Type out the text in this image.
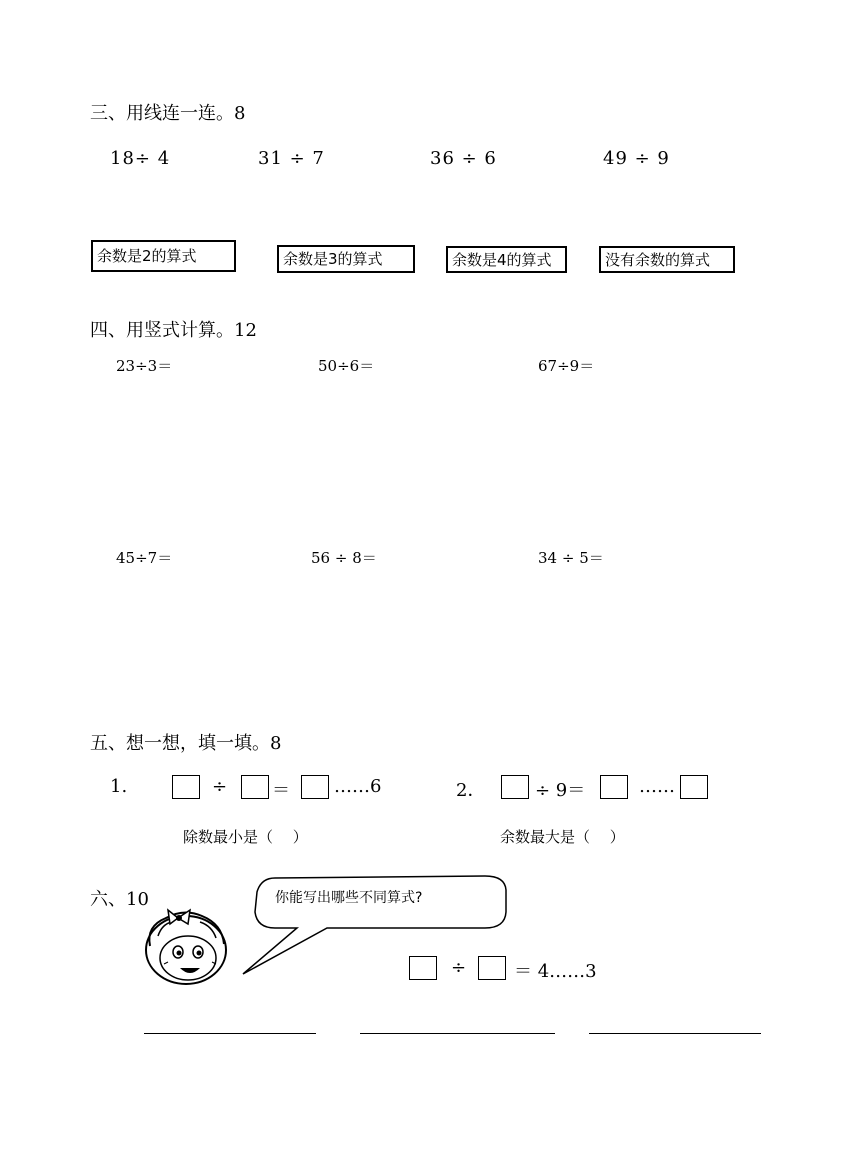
三、用线连一连。8
18÷ 4	31 ÷ 7	36 ÷ 6	49 ÷ 9
余数是2的算式	余数是3的算式	余数是4的算式	没有余数的算式
四、用竖式计算。12
23÷3＝	50÷6＝	67÷9＝
45÷7＝	56 ÷ 8＝	34 ÷ 5＝
五、想一想，填一填。8
1.	÷ ＝ ……6
除数最小是（　 ）
2．	÷ 9＝	……
余数最大是（　 ）
六、10	你能写出哪些不同算式?
÷	＝ 4……3
